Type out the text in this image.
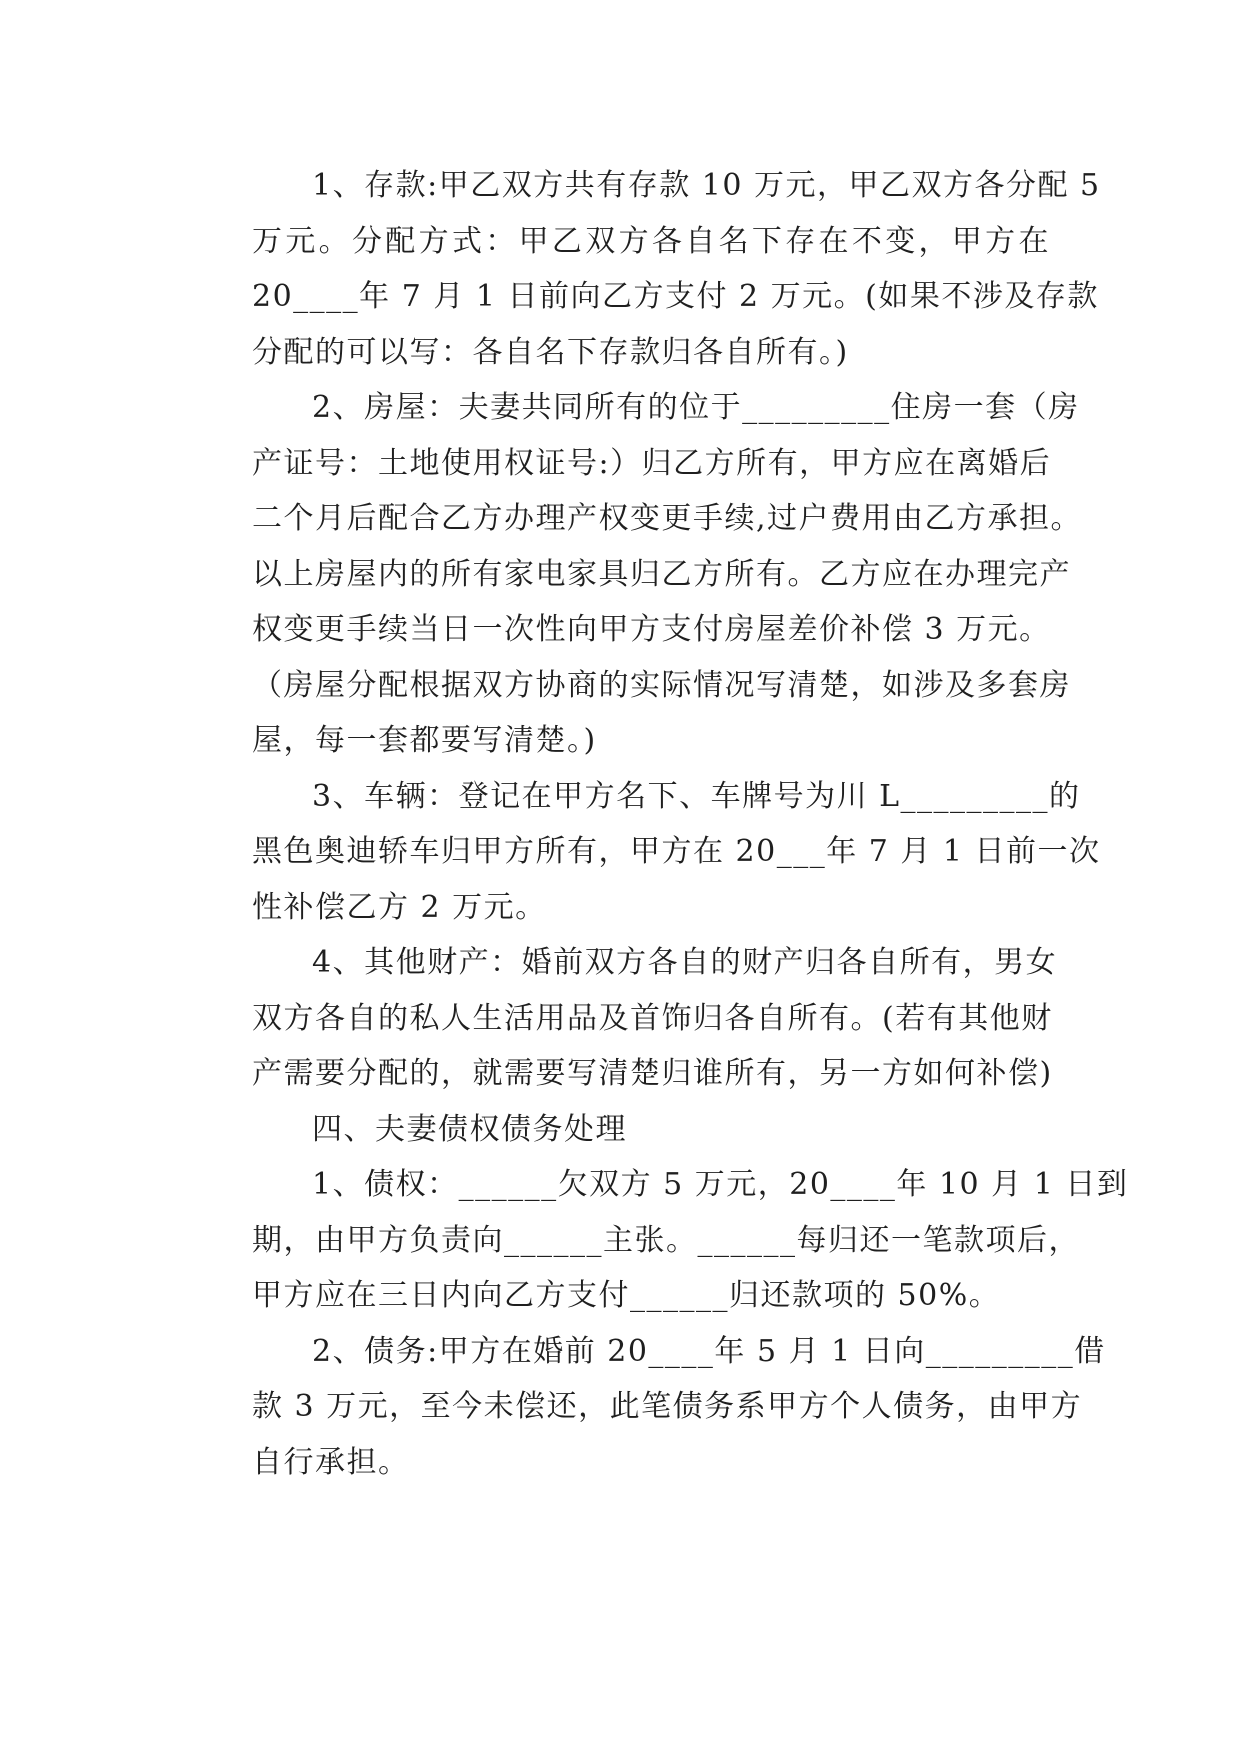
1、存款:甲乙双方共有存款 10 万元，甲乙双方各分配 5
万元。分配方式：甲乙双方各自名下存在不变，甲方在
20____年 7 月 1 日前向乙方支付 2 万元。(如果不涉及存款
分配的可以写：各自名下存款归各自所有。)
2、房屋：夫妻共同所有的位于_________住房一套（房
产证号：土地使用权证号:）归乙方所有，甲方应在离婚后
二个月后配合乙方办理产权变更手续,过户费用由乙方承担。
以上房屋内的所有家电家具归乙方所有。乙方应在办理完产
权变更手续当日一次性向甲方支付房屋差价补偿 3 万元。
（房屋分配根据双方协商的实际情况写清楚，如涉及多套房
屋，每一套都要写清楚。)
3、车辆：登记在甲方名下、车牌号为川 L_________的
黑色奥迪轿车归甲方所有，甲方在 20___年 7 月 1 日前一次
性补偿乙方 2 万元。
4、其他财产：婚前双方各自的财产归各自所有，男女
双方各自的私人生活用品及首饰归各自所有。(若有其他财
产需要分配的，就需要写清楚归谁所有，另一方如何补偿)
四、夫妻债权债务处理
1、债权：______欠双方 5 万元，20____年 10 月 1 日到
期，由甲方负责向______主张。______每归还一笔款项后，
甲方应在三日内向乙方支付______归还款项的 50%。
2、债务:甲方在婚前 20____年 5 月 1 日向_________借
款 3 万元，至今未偿还，此笔债务系甲方个人债务，由甲方
自行承担。
